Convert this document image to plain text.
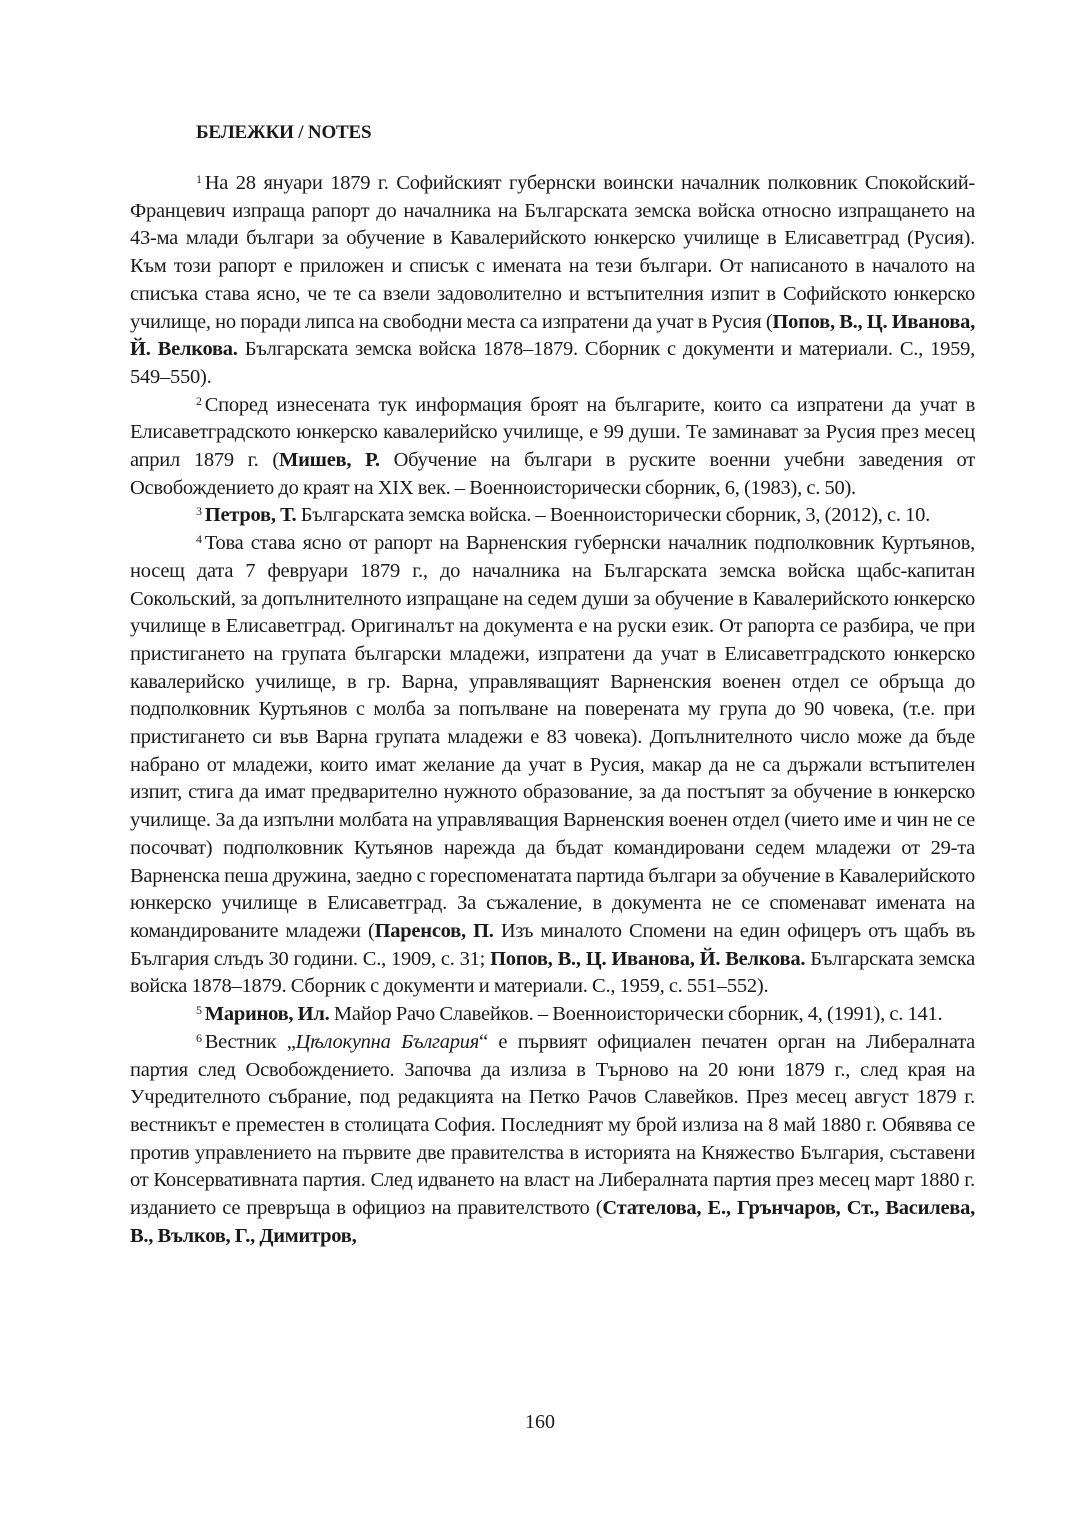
БЕЛЕЖКИ / NOTES

$^1$ На 28 януари 1879 г. Софийският губернски воински началник полковник Спокойский-Францевич изпраща рапорт до началника на Българската земска войска относно изпращането на 43-ма млади българи за обучение в Кавалерийското юнкерско училище в Елисаветград (Русия). Към този рапорт е приложен и списък с имената на тези българи. От написаното в началото на списъка става ясно, че те са взели задоволително и встъпителния изпит в Софийското юнкерско училище, но поради липса на свободни места са изпратени да учат в Русия (Попов, В., Ц. Иванова, Й. Велкова. Българската земска войска 1878–1879. Сборник с документи и материали. С., 1959, 549–550).

$^2$ Според изнесената тук информация броят на българите, които са изпратени да учат в Елисаветградското юнкерско кавалерийско училище, е 99 души. Те заминават за Русия през месец април 1879 г. (Мишев, Р. Обучение на българи в руските военни учебни заведения от Освобождението до краят на XIX век. – Военноисторически сборник, 6, (1983), с. 50).

$^3$ Петров, Т. Българската земска войска. – Военноисторически сборник, 3, (2012), с. 10.

$^4$ Това става ясно от рапорт на Варненския губернски началник подполковник Куртьянов, носещ дата 7 февруари 1879 г., до началника на Българската земска войска щабс-капитан Сокольский, за допълнителното изпращане на седем души за обучение в Кавалерийското юнкерско училище в Елисаветград. Оригиналът на документа е на руски език. От рапорта се разбира, че при пристигането на групата български младежи, изпратени да учат в Елисаветградското юнкерско кавалерийско училище, в гр. Варна, управляващият Варненския военен отдел се обръща до подполковник Куртьянов с молба за попълване на поверената му група до 90 човека, (т.е. при пристигането си във Варна групата младежи е 83 човека). Допълнителното число може да бъде набрано от младежи, които имат желание да учат в Русия, макар да не са държали встъпителен изпит, стига да имат предварително нужното образование, за да постъпят за обучение в юнкерско училище. За да изпълни молбата на управляващия Варненския военен отдел (чието име и чин не се посочват) подполковник Кутьянов нарежда да бъдат командировани седем младежи от 29-та Варненска пеша дружина, заедно с гореспоменатата партида българи за обучение в Кавалерийското юнкерско училище в Елисаветград. За съжаление, в документа не се споменават имената на командированите младежи (Паренсов, П. Изъ миналото Спомени на един офицеръ отъ щабъ въ България слъдъ 30 години. С., 1909, с. 31; Попов, В., Ц. Иванова, Й. Велкова. Българската земска войска 1878–1879. Сборник с документи и материали. С., 1959, с. 551–552).

$^5$ Маринов, Ил. Майор Рачо Славейков. – Военноисторически сборник, 4, (1991), с. 141.

$^6$ Вестник „Цѣлокупна България“ е първият официален печатен орган на Либералната партия след Освобождението. Започва да излиза в Търново на 20 юни 1879 г., след края на Учредителното събрание, под редакцията на Петко Рачов Славейков. През месец август 1879 г. вестникът е преместен в столицата София. Последният му брой излиза на 8 май 1880 г. Обявява се против управлението на първите две правителства в историята на Княжество България, съставени от Консервативната партия. След идването на власт на Либералната партия през месец март 1880 г. изданието се превръща в официоз на правителството (Стателова, Е., Грънчаров, Ст., Василева, В., Вълков, Г., Димитров,

160
